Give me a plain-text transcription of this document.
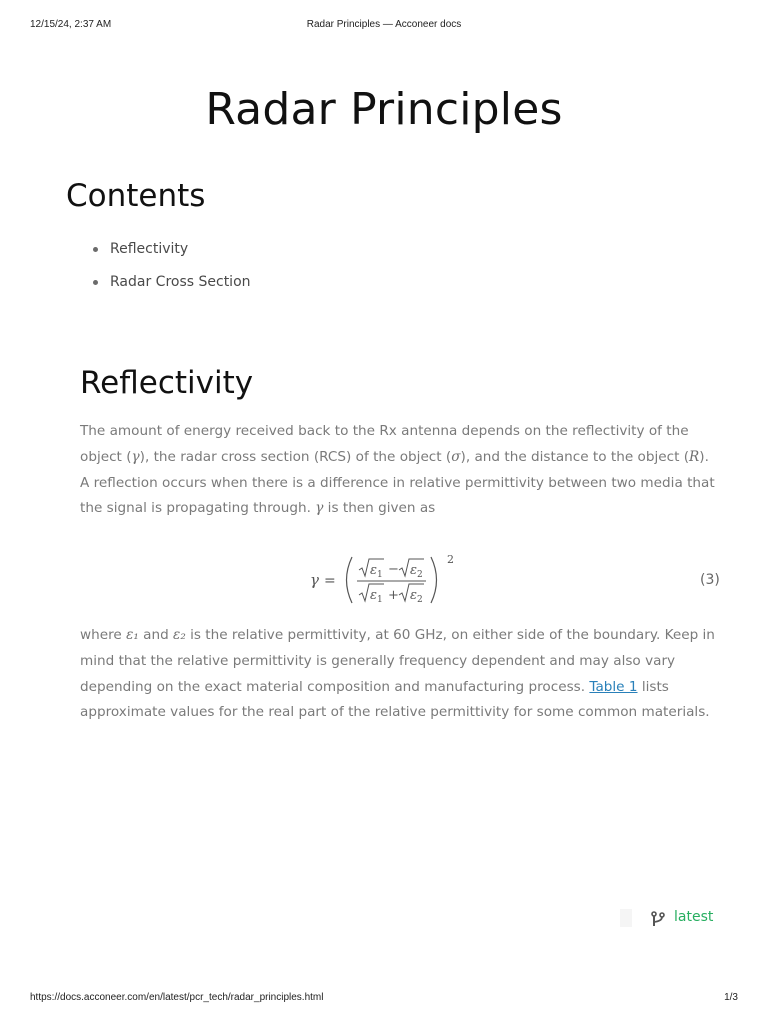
12/15/24, 2:37 AM	Radar Principles — Acconeer docs
Radar Principles
Contents
Reflectivity
Radar Cross Section
Reflectivity

The amount of energy received back to the Rx antenna depends on the reflectivity of the object (γ), the radar cross section (RCS) of the object (σ), and the distance to the object (R). A reflection occurs when there is a difference in relative permittivity between two media that the signal is propagating through. γ is then given as

γ =
ε 1 − ε 2
ε 1 + ε 2
2
(3)

where ε₁ and ε₂ is the relative permittivity, at 60 GHz, on either side of the boundary. Keep in mind that the relative permittivity is generally frequency dependent and may also vary depending on the exact material composition and manufacturing process. Table 1 lists approximate values for the real part of the relative permittivity for some common materials.

latest
https://docs.acconeer.com/en/latest/pcr_tech/radar_principles.html	1/3
